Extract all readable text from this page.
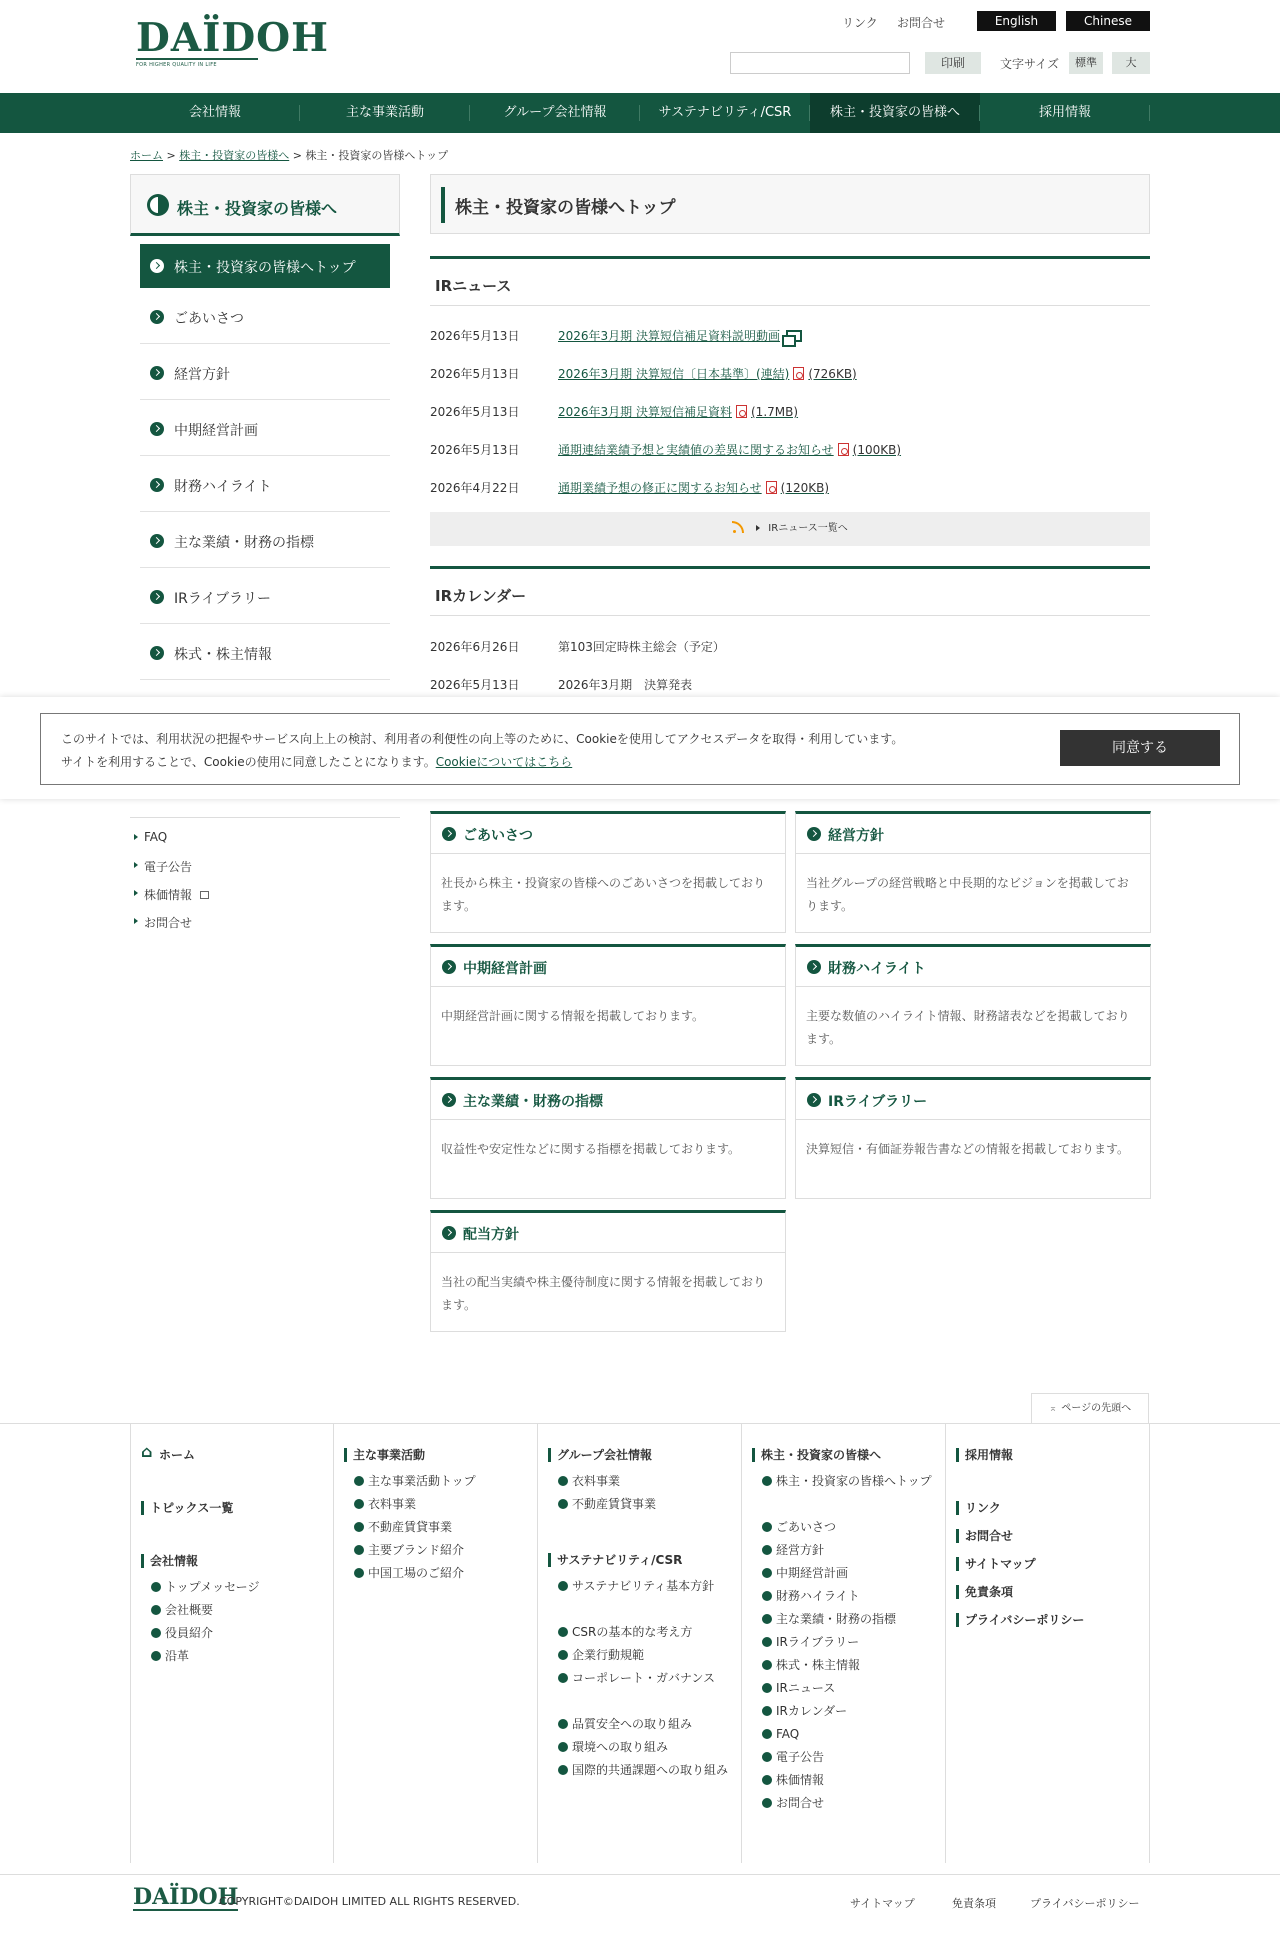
DAÏDOH
FOR HIGHER QUALITY IN LIFE
リンク お問合せ	English	Chinese
印刷	文字サイズ	標準	大
会社情報	主な事業活動	グループ会社情報	サステナビリティ/CSR	株主・投資家の皆様へ	採用情報
ホーム > 株主・投資家の皆様へ > 株主・投資家の皆様へトップ
株主・投資家の皆様へ
株主・投資家の皆様へトップ
ごあいさつ
経営方針
中期経営計画
財務ハイライト
主な業績・財務の指標
IRライブラリー
株式・株主情報
FAQ
電子公告
株価情報
お問合せ
株主・投資家の皆様へトップ
IRニュース
2026年5月13日	2026年3月期 決算短信補足資料説明動画
2026年5月13日	2026年3月期 決算短信〔日本基準〕(連結) (726KB)
2026年5月13日	2026年3月期 決算短信補足資料 (1.7MB)
2026年5月13日	通期連結業績予想と実績値の差異に関するお知らせ (100KB)
2026年4月22日	通期業績予想の修正に関するお知らせ (120KB)
IRニュース一覧へ
IRカレンダー
2026年6月26日	第103回定時株主総会（予定）
2026年5月13日	2026年3月期　決算発表
ごあいさつ
社長から株主・投資家の皆様へのごあいさつを掲載しております。
経営方針
当社グループの経営戦略と中長期的なビジョンを掲載しております。
中期経営計画
中期経営計画に関する情報を掲載しております。
財務ハイライト
主要な数値のハイライト情報、財務諸表などを掲載しております。
主な業績・財務の指標
収益性や安定性などに関する指標を掲載しております。
IRライブラリー
決算短信・有価証券報告書などの情報を掲載しております。
配当方針
当社の配当実績や株主優待制度に関する情報を掲載しております。
このサイトでは、利用状況の把握やサービス向上上の検討、利用者の利便性の向上等のために、Cookieを使用してアクセスデータを取得・利用しています。
サイトを利用することで、Cookieの使用に同意したことになります。Cookieについてはこちら
同意する
⌅ ページの先頭へ
⌂ ホーム
トピックス一覧
会社情報
トップメッセージ
会社概要
役員紹介
沿革
主な事業活動
主な事業活動トップ
衣料事業
不動産賃貸事業
主要ブランド紹介
中国工場のご紹介
グループ会社情報
衣料事業
不動産賃貸事業
サステナビリティ/CSR
サステナビリティ基本方針
CSRの基本的な考え方
企業行動規範
コーポレート・ガバナンス
品質安全への取り組み
環境への取り組み
国際的共通課題への取り組み
株主・投資家の皆様へ
株主・投資家の皆様へトップ
ごあいさつ
経営方針
中期経営計画
財務ハイライト
主な業績・財務の指標
IRライブラリー
株式・株主情報
IRニュース
IRカレンダー
FAQ
電子公告
株価情報
お問合せ
採用情報
リンク
お問合せ
サイトマップ
免責条項
プライバシーポリシー
DAÏDOH
COPYRIGHT©DAIDOH LIMITED ALL RIGHTS RESERVED.	サイトマップ	免責条項	プライバシーポリシー
